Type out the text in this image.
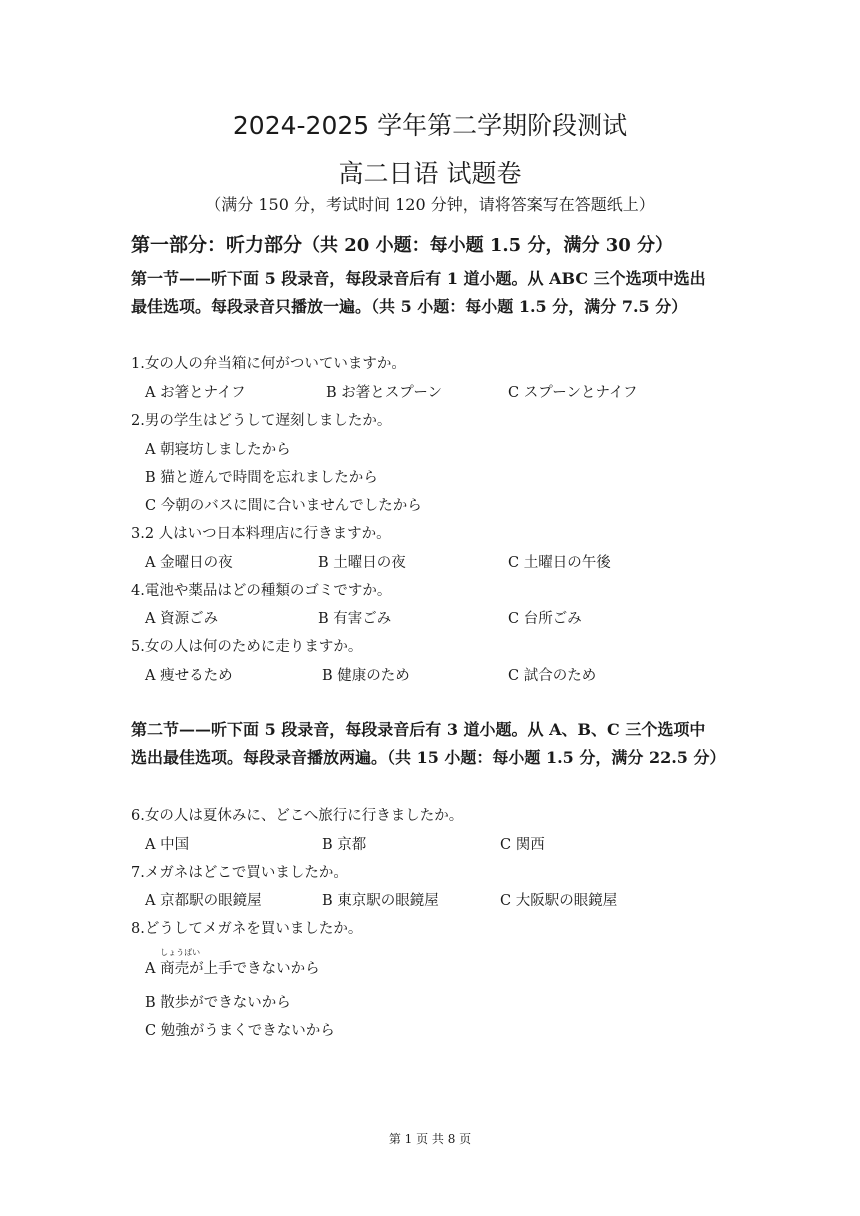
2024-2025 学年第二学期阶段测试
高二日语 试题卷
（满分 150 分，考试时间 120 分钟，请将答案写在答题纸上）
第一部分：听力部分（共 20 小题：每小题 1.5 分，满分 30 分）
第一节——听下面 5 段录音，每段录音后有 1 道小题。从 ABC 三个选项中选出
最佳选项。每段录音只播放一遍。（共 5 小题：每小题 1.5 分，满分 7.5 分）
1.女の人の弁当箱に何がついていますか。
A お箸とナイフ	B お箸とスプーン	C スプーンとナイフ
2.男の学生はどうして遅刻しましたか。
A 朝寝坊しましたから
B 猫と遊んで時間を忘れましたから
C 今朝のバスに間に合いませんでしたから
3.2 人はいつ日本料理店に行きますか。
A 金曜日の夜	B 土曜日の夜	C 土曜日の午後
4.電池や薬品はどの種類のゴミですか。
A 資源ごみ	B 有害ごみ	C 台所ごみ
5.女の人は何のために走りますか。
A 痩せるため	B 健康のため	C 試合のため
第二节——听下面 5 段录音，每段录音后有 3 道小题。从 A、B、C 三个选项中
选出最佳选项。每段录音播放两遍。（共 15 小题：每小题 1.5 分，满分 22.5 分）
6.女の人は夏休みに、どこへ旅行に行きましたか。
A 中国	B 京都	C 関西
7.メガネはどこで買いましたか。
A 京都駅の眼鏡屋	B 東京駅の眼鏡屋	C 大阪駅の眼鏡屋
8.どうしてメガネを買いましたか。
A
しょうばい
商売が上手できないから
B 散歩ができないから
C 勉強がうまくできないから
第 1 页 共 8 页
